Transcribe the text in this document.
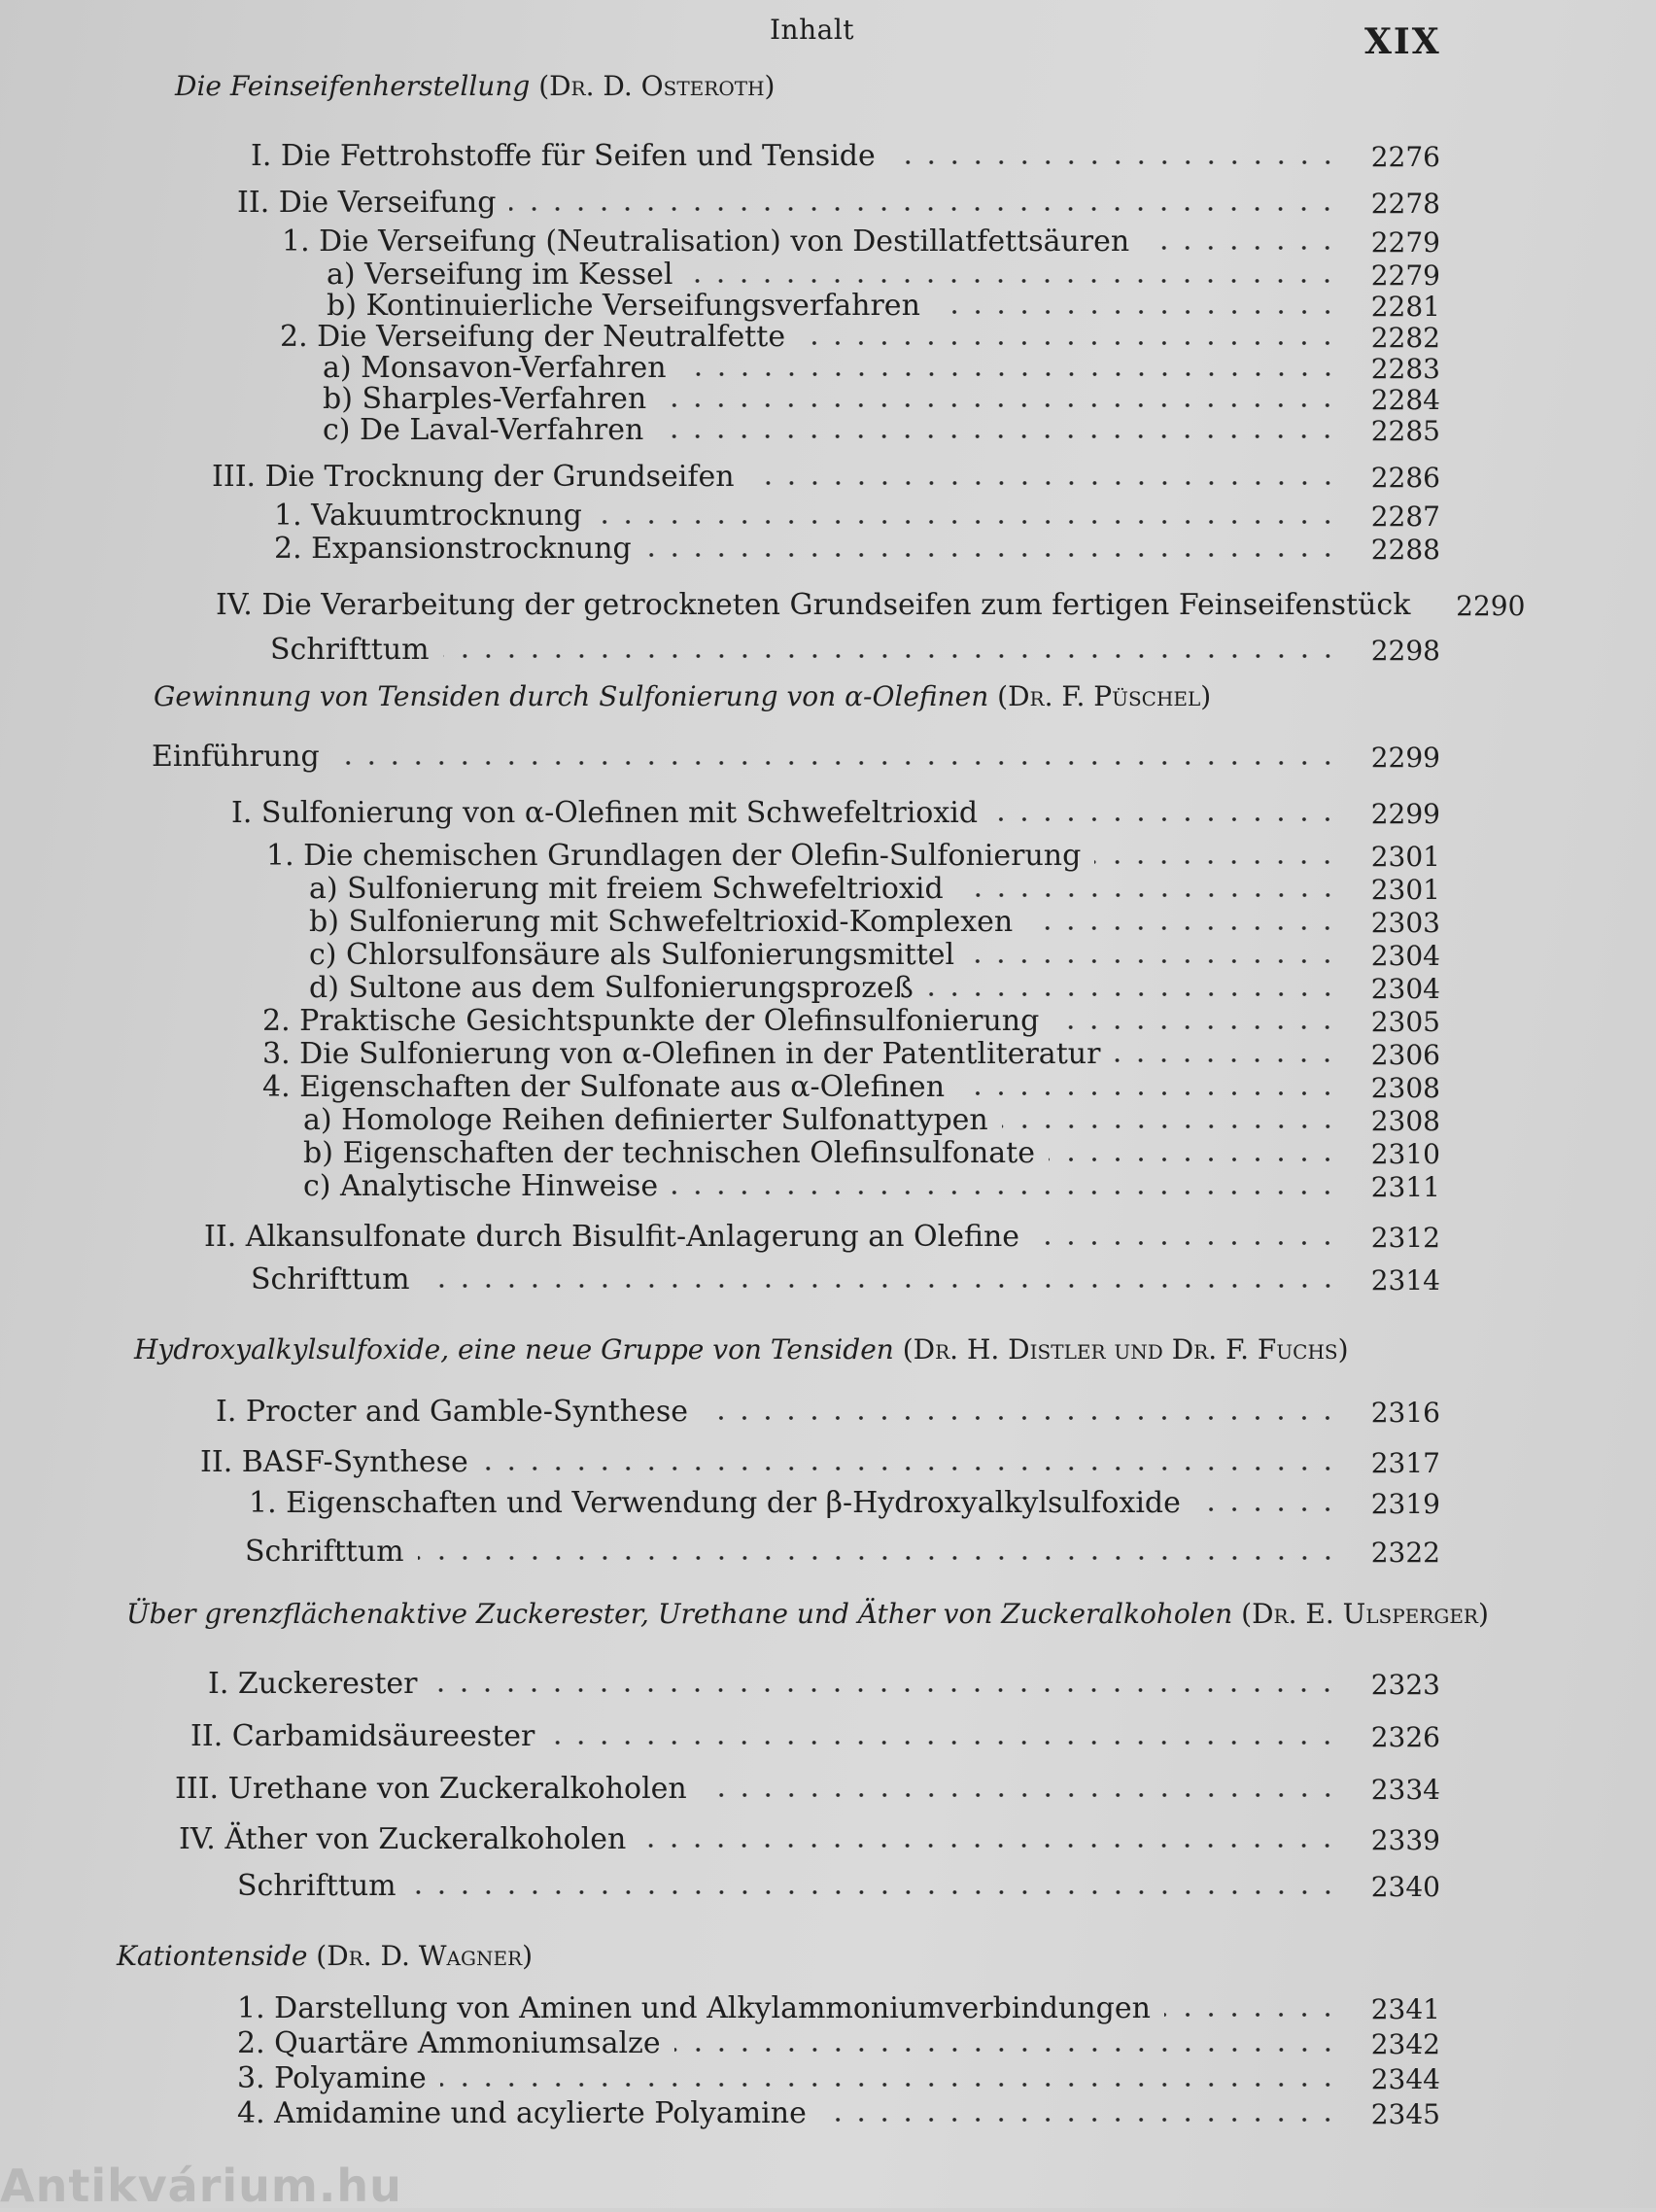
Inhalt	XIX
Die Feinseifenherstellung (Dr. D. Osteroth)
I. Die Fettrohstoffe für Seifen und Tenside	2276
II. Die Verseifung	2278
1. Die Verseifung (Neutralisation) von Destillatfettsäuren	2279
a) Verseifung im Kessel	2279
b) Kontinuierliche Verseifungsverfahren	2281
2. Die Verseifung der Neutralfette	2282
a) Monsavon-Verfahren	2283
b) Sharples-Verfahren	2284
c) De Laval-Verfahren	2285
III. Die Trocknung der Grundseifen	2286
1. Vakuumtrocknung	2287
2. Expansionstrocknung	2288
IV. Die Verarbeitung der getrockneten Grundseifen zum fertigen Feinseifenstück	2290
Schrifttum	2298
Gewinnung von Tensiden durch Sulfonierung von α-Olefinen (Dr. F. Püschel)
Einführung	2299
I. Sulfonierung von α-Olefinen mit Schwefeltrioxid	2299
1. Die chemischen Grundlagen der Olefin-Sulfonierung	2301
a) Sulfonierung mit freiem Schwefeltrioxid	2301
b) Sulfonierung mit Schwefeltrioxid-Komplexen	2303
c) Chlorsulfonsäure als Sulfonierungsmittel	2304
d) Sultone aus dem Sulfonierungsprozeß	2304
2. Praktische Gesichtspunkte der Olefinsulfonierung	2305
3. Die Sulfonierung von α-Olefinen in der Patentliteratur	2306
4. Eigenschaften der Sulfonate aus α-Olefinen	2308
a) Homologe Reihen definierter Sulfonattypen	2308
b) Eigenschaften der technischen Olefinsulfonate	2310
c) Analytische Hinweise	2311
II. Alkansulfonate durch Bisulfit-Anlagerung an Olefine	2312
Schrifttum	2314
Hydroxyalkylsulfoxide, eine neue Gruppe von Tensiden (Dr. H. Distler und Dr. F. Fuchs)
I. Procter and Gamble-Synthese	2316
II. BASF-Synthese	2317
1. Eigenschaften und Verwendung der β-Hydroxyalkylsulfoxide	2319
Schrifttum	2322
Über grenzflächenaktive Zuckerester, Urethane und Äther von Zuckeralkoholen (Dr. E. Ulsperger)
I. Zuckerester	2323
II. Carbamidsäureester	2326
III. Urethane von Zuckeralkoholen	2334
IV. Äther von Zuckeralkoholen	2339
Schrifttum	2340
Kationtenside (Dr. D. Wagner)
1. Darstellung von Aminen und Alkylammoniumverbindungen	2341
2. Quartäre Ammoniumsalze	2342
3. Polyamine	2344
4. Amidamine und acylierte Polyamine	2345
Antikvárium.hu
